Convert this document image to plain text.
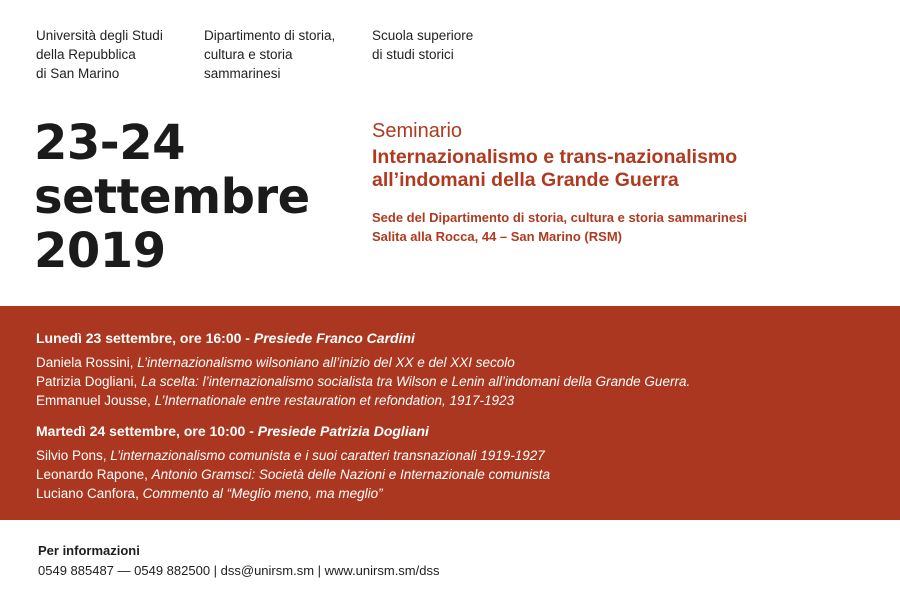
Università degli Studi
della Repubblica
di San Marino
Dipartimento di storia,
cultura e storia
sammarinesi
Scuola superiore
di studi storici
23-24
settembre
2019
Seminario
Internazionalismo e trans-nazionalismo
all’indomani della Grande Guerra
Sede del Dipartimento di storia, cultura e storia sammarinesi
Salita alla Rocca, 44 – San Marino (RSM)
Lunedì 23 settembre, ore 16:00 - Presiede Franco Cardini
Daniela Rossini, L’internazionalismo wilsoniano all’inizio del XX e del XXI secolo
Patrizia Dogliani, La scelta: l’internazionalismo socialista tra Wilson e Lenin all’indomani della Grande Guerra.
Emmanuel Jousse, L’Internationale entre restauration et refondation, 1917-1923
Martedì 24 settembre, ore 10:00 - Presiede Patrizia Dogliani
Silvio Pons, L’internazionalismo comunista e i suoi caratteri transnazionali 1919-1927
Leonardo Rapone, Antonio Gramsci: Società delle Nazioni e Internazionale comunista
Luciano Canfora, Commento al “Meglio meno, ma meglio”
Per informazioni
0549 885487 — 0549 882500 | dss@unirsm.sm | www.unirsm.sm/dss
